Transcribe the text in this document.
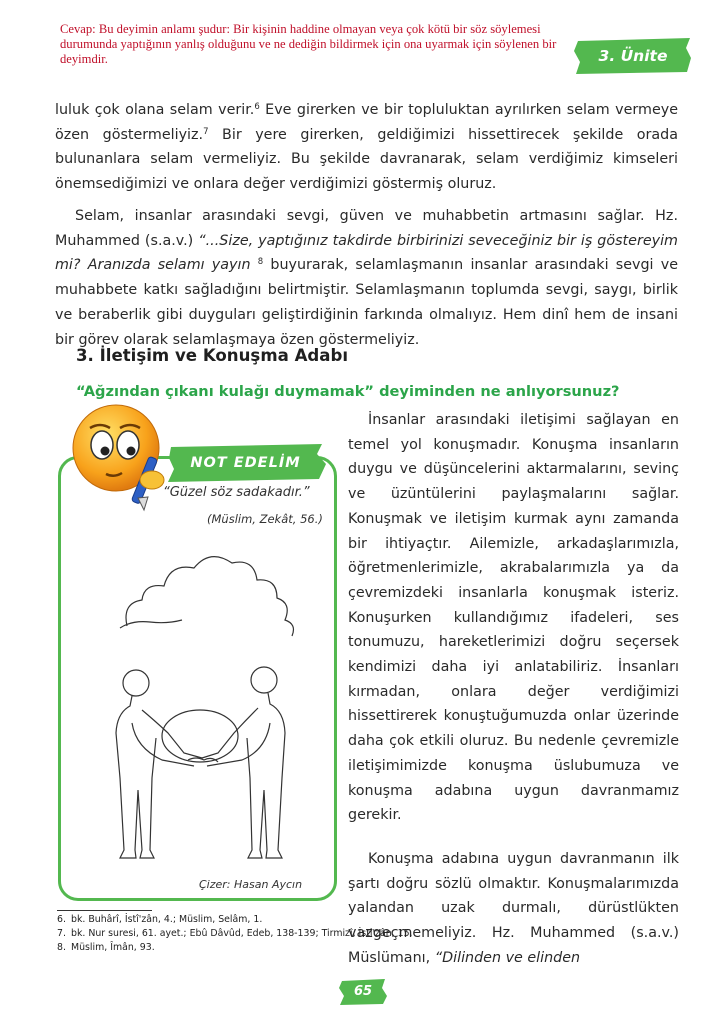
Cevap: Bu deyimin anlamı şudur: Bir kişinin haddine olmayan veya çok kötü bir söz söylemesi durumunda yaptığının yanlış olduğunu ve ne dediğin bildirmek için ona uyarmak için söylenen bir deyimdir.	3. Ünite

luluk çok olana selam verir.$^6$ Eve girerken ve bir topluluktan ayrılırken selam vermeye özen göstermeliyiz.$^7$ Bir yere girerken, geldiğimizi hissettirecek şekilde orada bulunanlara selam vermeliyiz. Bu şekilde davranarak, selam verdiğimiz kimseleri önemsediğimizi ve onlara değer verdiğimizi göstermiş oluruz.

Selam, insanlar arasındaki sevgi, güven ve muhabbetin artmasını sağlar. Hz. Muhammed (s.a.v.) “...Size, yaptığınız takdirde birbirinizi seveceğiniz bir iş göstereyim mi? Aranızda selamı yayın $^8$ buyurarak, selamlaşmanın insanlar arasındaki sevgi ve muhabbete katkı sağladığını belirtmiştir. Selamlaşmanın toplumda sevgi, saygı, birlik ve beraberlik gibi duyguları geliştirdiğinin farkında olmalıyız. Hem dinî hem de insani bir görev olarak selamlaşmaya özen göstermeliyiz.

3. İletişim ve Konuşma Adabı

“Ağzından çıkanı kulağı duymamak” deyiminden ne anlıyorsunuz?

NOT EDELİM

“Güzel söz sadakadır.”

(Müslim, Zekât, 56.)

Çizer: Hasan Aycın

İnsanlar arasındaki iletişimi sağlayan en temel yol konuşmadır. Konuşma insanların duygu ve düşüncelerini aktarmalarını, sevinç ve üzüntülerini paylaşmalarını sağlar. Konuşmak ve iletişim kurmak aynı zamanda bir ihtiyaçtır. Ailemizle, arkadaşlarımızla, öğretmenlerimizle, akrabalarımızla ya da çevremizdeki insanlarla konuşmak isteriz. Konuşurken kullandığımız ifadeleri, ses tonumuzu, hareketlerimizi doğru seçersek kendimizi daha iyi anlatabiliriz. İnsanları kırmadan, onlara değer verdiğimizi hissettirerek konuştuğumuzda onlar üzerinde daha çok etkili oluruz. Bu nedenle çevremizle iletişimimizde konuşma üslubumuza ve konuşma adabına uygun davranmamız gerekir.

Konuşma adabına uygun davranmanın ilk şartı doğru sözlü olmaktır. Konuşmalarımızda yalandan uzak durmalı, dürüstlükten vazgeçmemeliyiz. Hz. Muhammed (s.a.v.) Müslümanı, “Dilinden ve elinden

6. bk. Buhârî, İstî'zân, 4.; Müslim, Selâm, 1.

7. bk. Nur suresi, 61. ayet.; Ebû Dâvûd, Edeb, 138-139; Tirmizî, İstî'zân, 15.

8. Müslim, Îmân, 93.

65
